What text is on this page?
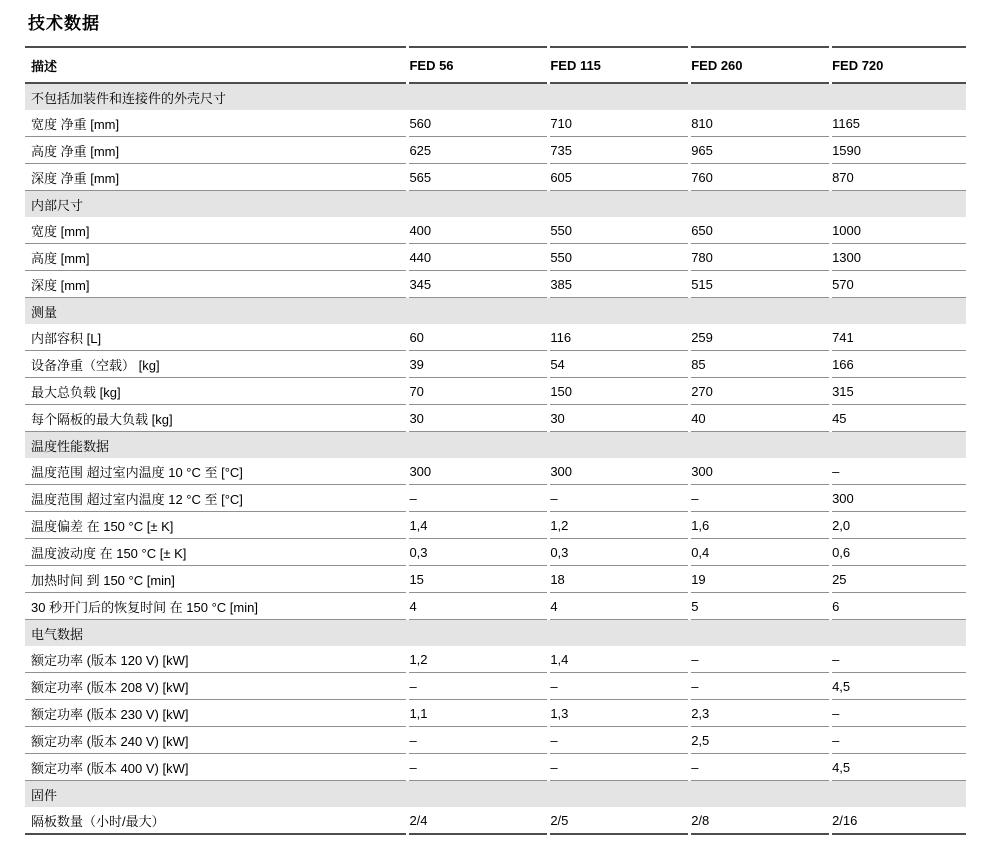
技术数据
描述	FED 56	FED 115	FED 260	FED 720
不包括加装件和连接件的外壳尺寸				
宽度 净重 [mm]	560	710	810	1165
高度 净重 [mm]	625	735	965	1590
深度 净重 [mm]	565	605	760	870
内部尺寸				
宽度 [mm]	400	550	650	1000
高度 [mm]	440	550	780	1300
深度 [mm]	345	385	515	570
测量				
内部容积 [L]	60	116	259	741
设备净重（空载） [kg]	39	54	85	166
最大总负载 [kg]	70	150	270	315
每个隔板的最大负载 [kg]	30	30	40	45
温度性能数据				
温度范围 超过室内温度 10 °C 至 [°C]	300	300	300	–
温度范围 超过室内温度 12 °C 至 [°C]	–	–	–	300
温度偏差 在 150 °C [± K]	1,4	1,2	1,6	2,0
温度波动度 在 150 °C [± K]	0,3	0,3	0,4	0,6
加热时间 到 150 °C [min]	15	18	19	25
30 秒开门后的恢复时间 在 150 °C [min]	4	4	5	6
电气数据				
额定功率 (版本 120 V) [kW]	1,2	1,4	–	–
额定功率 (版本 208 V) [kW]	–	–	–	4,5
额定功率 (版本 230 V) [kW]	1,1	1,3	2,3	–
额定功率 (版本 240 V) [kW]	–	–	2,5	–
额定功率 (版本 400 V) [kW]	–	–	–	4,5
固件				
隔板数量（小时/最大）	2/4	2/5	2/8	2/16
